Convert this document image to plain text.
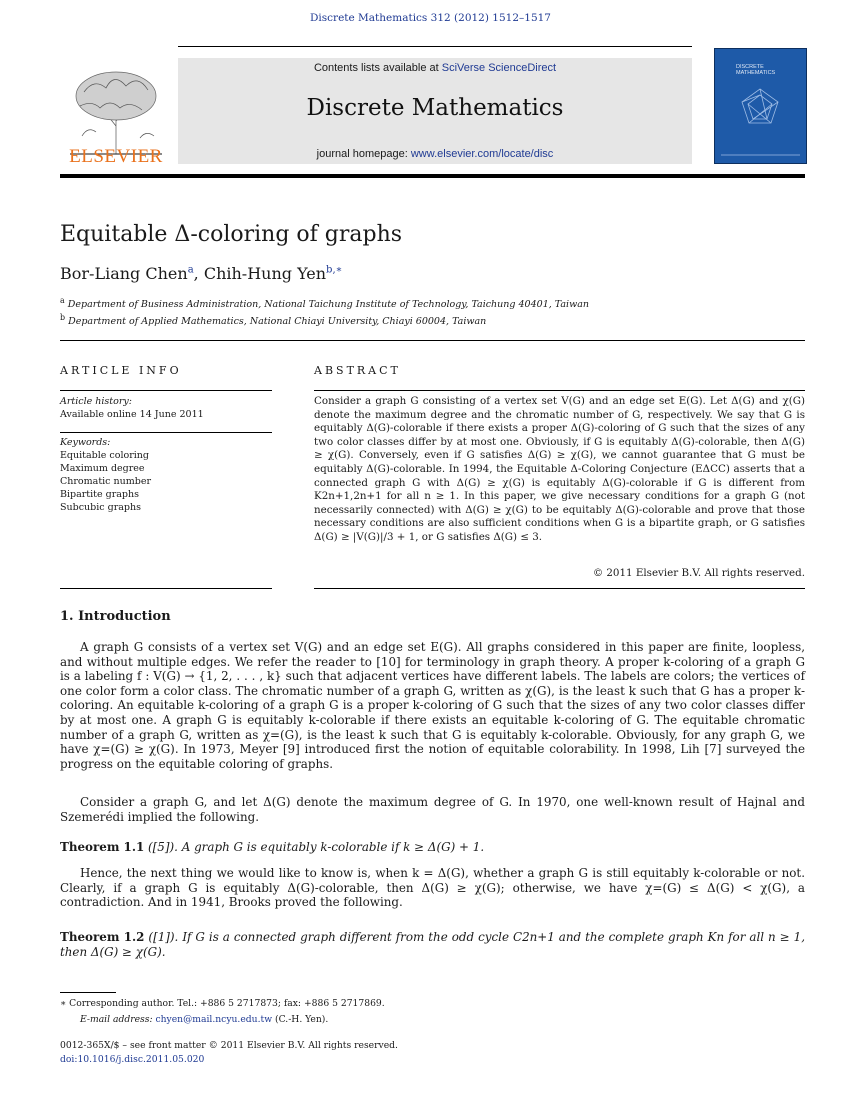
Discrete Mathematics 312 (2012) 1512–1517
ELSEVIER
Contents lists available at SciVerse ScienceDirect
Discrete Mathematics
journal homepage: www.elsevier.com/locate/disc
DISCRETE MATHEMATICS
Equitable Δ-coloring of graphs
Bor-Liang Chen$^a$, Chih-Hung Yen$^{b,∗}$
$^a$ Department of Business Administration, National Taichung Institute of Technology, Taichung 40401, Taiwan
$^b$ Department of Applied Mathematics, National Chiayi University, Chiayi 60004, Taiwan
ARTICLE INFO	ABSTRACT
Article history:
Available online 14 June 2011
Keywords:
Equitable coloring
Maximum degree
Chromatic number
Bipartite graphs
Subcubic graphs
Consider a graph G consisting of a vertex set V(G) and an edge set E(G). Let Δ(G) and χ(G) denote the maximum degree and the chromatic number of G, respectively. We say that G is equitably Δ(G)-colorable if there exists a proper Δ(G)-coloring of G such that the sizes of any two color classes differ by at most one. Obviously, if G is equitably Δ(G)-colorable, then Δ(G) ≥ χ(G). Conversely, even if G satisfies Δ(G) ≥ χ(G), we cannot guarantee that G must be equitably Δ(G)-colorable. In 1994, the Equitable Δ-Coloring Conjecture (EΔCC) asserts that a connected graph G with Δ(G) ≥ χ(G) is equitably Δ(G)-colorable if G is different from K2n+1,2n+1 for all n ≥ 1. In this paper, we give necessary conditions for a graph G (not necessarily connected) with Δ(G) ≥ χ(G) to be equitably Δ(G)-colorable and prove that those necessary conditions are also sufficient conditions when G is a bipartite graph, or G satisfies Δ(G) ≥ |V(G)|/3 + 1, or G satisfies Δ(G) ≤ 3.
© 2011 Elsevier B.V. All rights reserved.
1. Introduction
A graph G consists of a vertex set V(G) and an edge set E(G). All graphs considered in this paper are finite, loopless, and without multiple edges. We refer the reader to [10] for terminology in graph theory. A proper k-coloring of a graph G is a labeling f : V(G) → {1, 2, . . . , k} such that adjacent vertices have different labels. The labels are colors; the vertices of one color form a color class. The chromatic number of a graph G, written as χ(G), is the least k such that G has a proper k-coloring. An equitable k-coloring of a graph G is a proper k-coloring of G such that the sizes of any two color classes differ by at most one. A graph G is equitably k-colorable if there exists an equitable k-coloring of G. The equitable chromatic number of a graph G, written as χ=(G), is the least k such that G is equitably k-colorable. Obviously, for any graph G, we have χ=(G) ≥ χ(G). In 1973, Meyer [9] introduced first the notion of equitable colorability. In 1998, Lih [7] surveyed the progress on the equitable coloring of graphs.
Consider a graph G, and let Δ(G) denote the maximum degree of G. In 1970, one well-known result of Hajnal and Szemerédi implied the following.
Theorem 1.1 ([5]). A graph G is equitably k-colorable if k ≥ Δ(G) + 1.
Hence, the next thing we would like to know is, when k = Δ(G), whether a graph G is still equitably k-colorable or not. Clearly, if a graph G is equitably Δ(G)-colorable, then Δ(G) ≥ χ(G); otherwise, we have χ=(G) ≤ Δ(G) < χ(G), a contradiction. And in 1941, Brooks proved the following.
Theorem 1.2 ([1]). If G is a connected graph different from the odd cycle C2n+1 and the complete graph Kn for all n ≥ 1, then Δ(G) ≥ χ(G).
∗ Corresponding author. Tel.: +886 5 2717873; fax: +886 5 2717869.
E-mail address: chyen@mail.ncyu.edu.tw (C.-H. Yen).
0012-365X/$ – see front matter © 2011 Elsevier B.V. All rights reserved.
doi:10.1016/j.disc.2011.05.020
